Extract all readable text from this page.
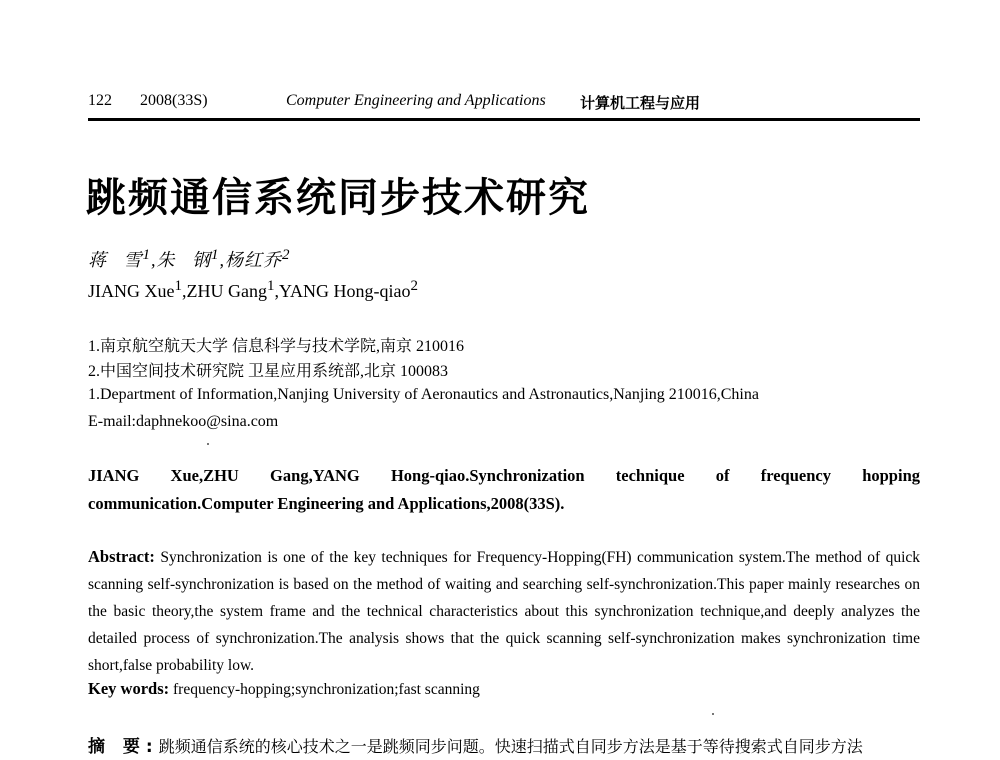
122 2008(33S)	Computer Engineering and Applications 计算机工程与应用
跳频通信系统同步技术研究
蒋 雪$^1$,朱 钢$^1$,杨红乔$^2$
JIANG Xue$^1$,ZHU Gang$^1$,YANG Hong-qiao$^2$
1.南京航空航天大学 信息科学与技术学院,南京 210016
2.中国空间技术研究院 卫星应用系统部,北京 100083
1.Department of Information,Nanjing University of Aeronautics and Astronautics,Nanjing 210016,China
E-mail:daphnekoo@sina.com
JIANG Xue,ZHU Gang,YANG Hong-qiao.Synchronization technique of frequency hopping communication.Computer Engineering and Applications,2008(33S).
Abstract: Synchronization is one of the key techniques for Frequency-Hopping(FH) communication system.The method of quick scanning self-synchronization is based on the method of waiting and searching self-synchronization.This paper mainly researches on the basic theory,the system frame and the technical characteristics about this synchronization technique,and deeply analyzes the detailed process of synchronization.The analysis shows that the quick scanning self-synchronization makes synchronization time short,false probability low.
Key words: frequency-hopping;synchronization;fast scanning
摘 要:跳频通信系统的核心技术之一是跳频同步问题。快速扫描式自同步方法是基于等待搜索式自同步方法
